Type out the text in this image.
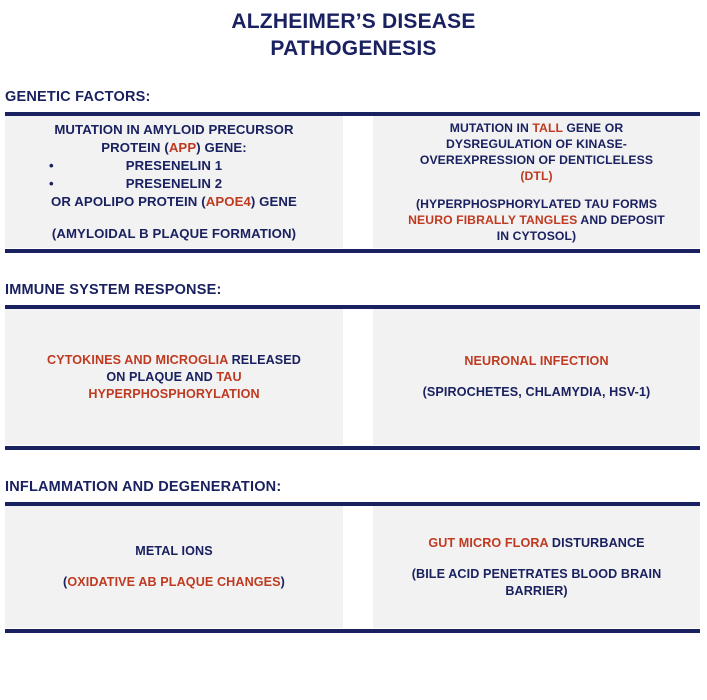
ALZHEIMER’S DISEASE
PATHOGENESIS
GENETIC FACTORS:
MUTATION IN AMYLOID PRECURSOR
PROTEIN (APP) GENE:

•	PRESENELIN 1
•	PRESENELIN 2
OR APOLIPO PROTEIN (APOE4) GENE
(AMYLOIDAL B PLAQUE FORMATION)
MUTATION IN TALL GENE OR
DYSREGULATION OF KINASE-
OVEREXPRESSION OF DENTICLELESS
(DTL)
(HYPERPHOSPHORYLATED TAU FORMS
NEURO FIBRALLY TANGLES AND DEPOSIT
IN CYTOSOL)
IMMUNE SYSTEM RESPONSE:
CYTOKINES AND MICROGLIA RELEASED
ON PLAQUE AND TAU
HYPERPHOSPHORYLATION
NEURONAL INFECTION
(SPIROCHETES, CHLAMYDIA, HSV-1)
INFLAMMATION AND DEGENERATION:
METAL IONS
(OXIDATIVE AB PLAQUE CHANGES)
GUT MICRO FLORA DISTURBANCE
(BILE ACID PENETRATES BLOOD BRAIN
BARRIER)
